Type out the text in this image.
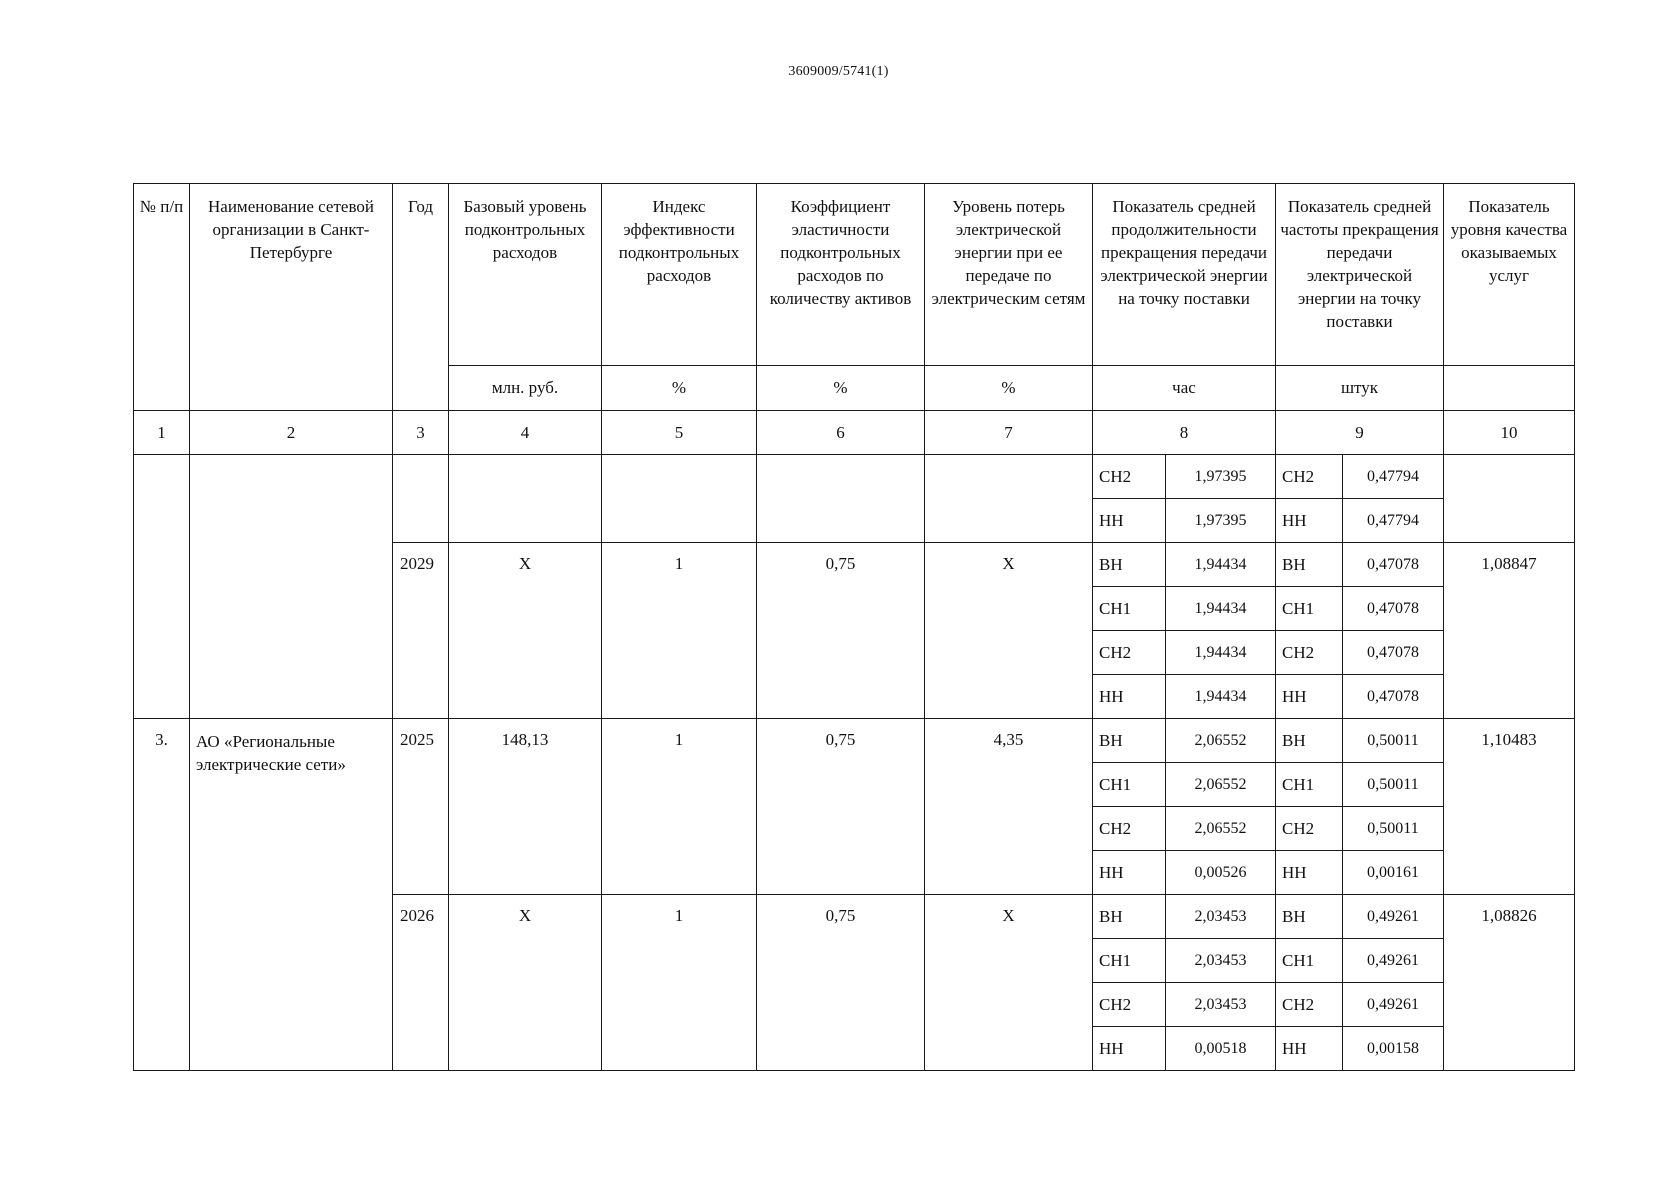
3609009/5741(1)
№ п/п	Наименование сетевой организации в Санкт-Петербурге	Год	Базовый уровень подконтрольных расходов	Индекс эффективности подконтрольных расходов	Коэффициент эластичности подконтрольных расходов по количеству активов	Уровень потерь электрической энергии при ее передаче по электрическим сетям	Показатель средней продолжительности прекращения передачи электрической энергии на точку поставки		Показатель средней частоты прекращения передачи электрической энергии на точку поставки		Показатель уровня качества оказываемых услуг
			млн. руб.	%	%	%	час		штук		
1	2	3	4	5	6	7	8		9		10
							СН2	1,97395	СН2	0,47794	
							НН	1,97395	НН	0,47794	
		2029	Х	1	0,75	Х	ВН	1,94434	ВН	0,47078	1,08847
							СН1	1,94434	СН1	0,47078	
							СН2	1,94434	СН2	0,47078	
							НН	1,94434	НН	0,47078	
3.	АО «Региональные электрические сети»	2025	148,13	1	0,75	4,35	ВН	2,06552	ВН	0,50011	1,10483
							СН1	2,06552	СН1	0,50011	
							СН2	2,06552	СН2	0,50011	
							НН	0,00526	НН	0,00161	
		2026	Х	1	0,75	Х	ВН	2,03453	ВН	0,49261	1,08826
							СН1	2,03453	СН1	0,49261	
							СН2	2,03453	СН2	0,49261	
							НН	0,00518	НН	0,00158	
